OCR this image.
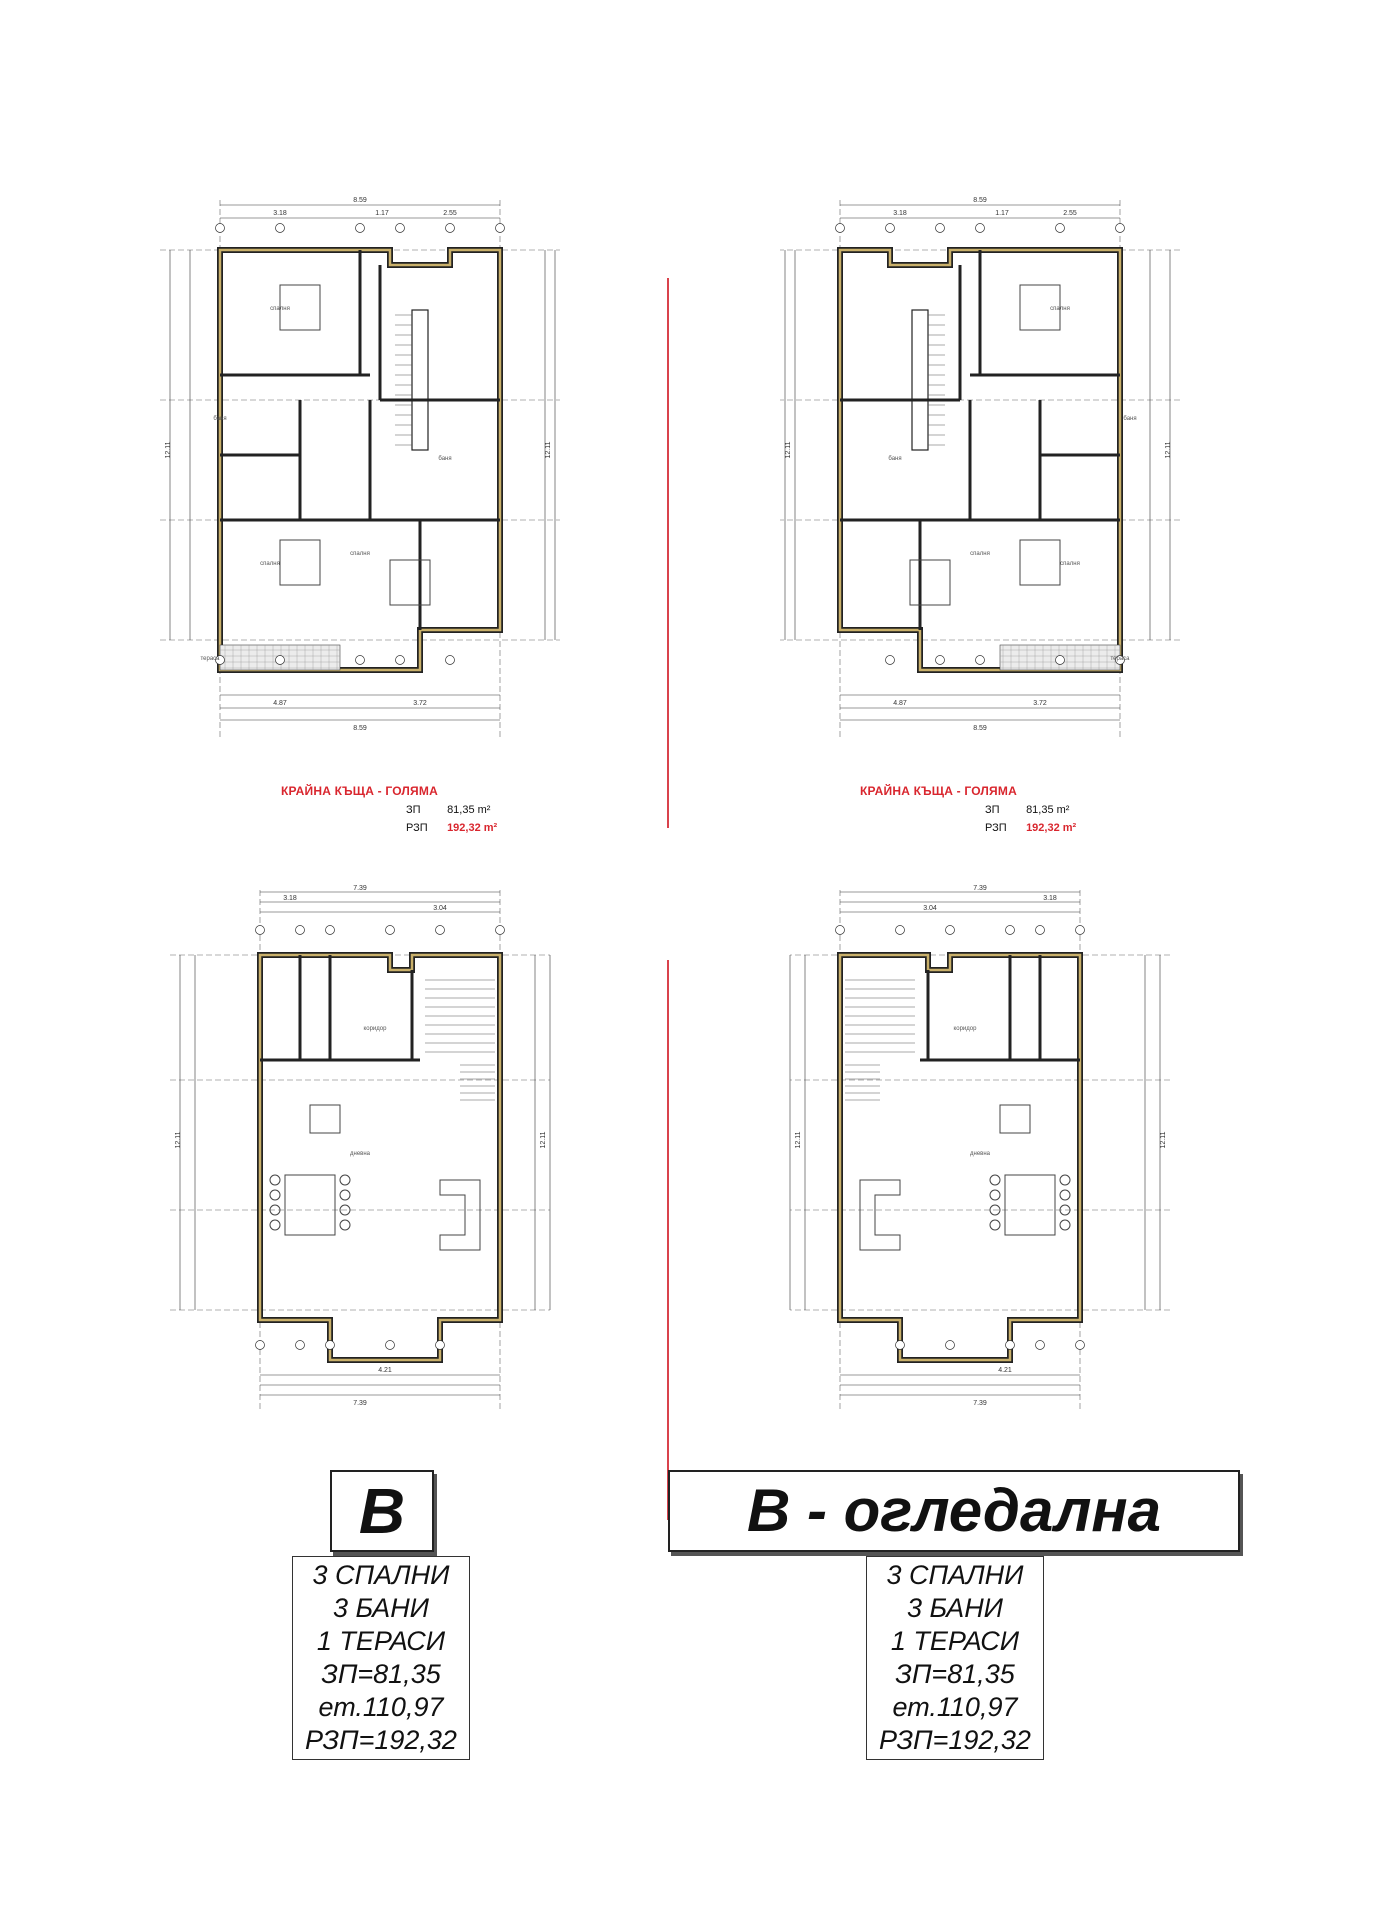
8.59
3.18	1.17	2.55
4.87	3.72
8.59
12.11	12.11
спалня
спалня
спалня
баня
баня
тераса
8.59
3.18	1.17	2.55
4.87	3.72
8.59
12.11	12.11
спалня
спалня
спалня
баня
баня
тераса
7.39
3.18
3.04
4.21
7.39
12.11	12.11
дневна
коридор
7.39
3.18
3.04
4.21
7.39
12.11	12.11
дневна
коридор
КРАЙНА КЪЩА - ГОЛЯМА
ЗП 81,35 m²
РЗП 192,32 m²
КРАЙНА КЪЩА - ГОЛЯМА
ЗП 81,35 m²
РЗП 192,32 m²
В	В - огледална
3 СПАЛНИ
3 БАНИ
1 ТЕРАСИ
ЗП=81,35
ет.110,97
РЗП=192,32
3 СПАЛНИ
3 БАНИ
1 ТЕРАСИ
ЗП=81,35
ет.110,97
РЗП=192,32
